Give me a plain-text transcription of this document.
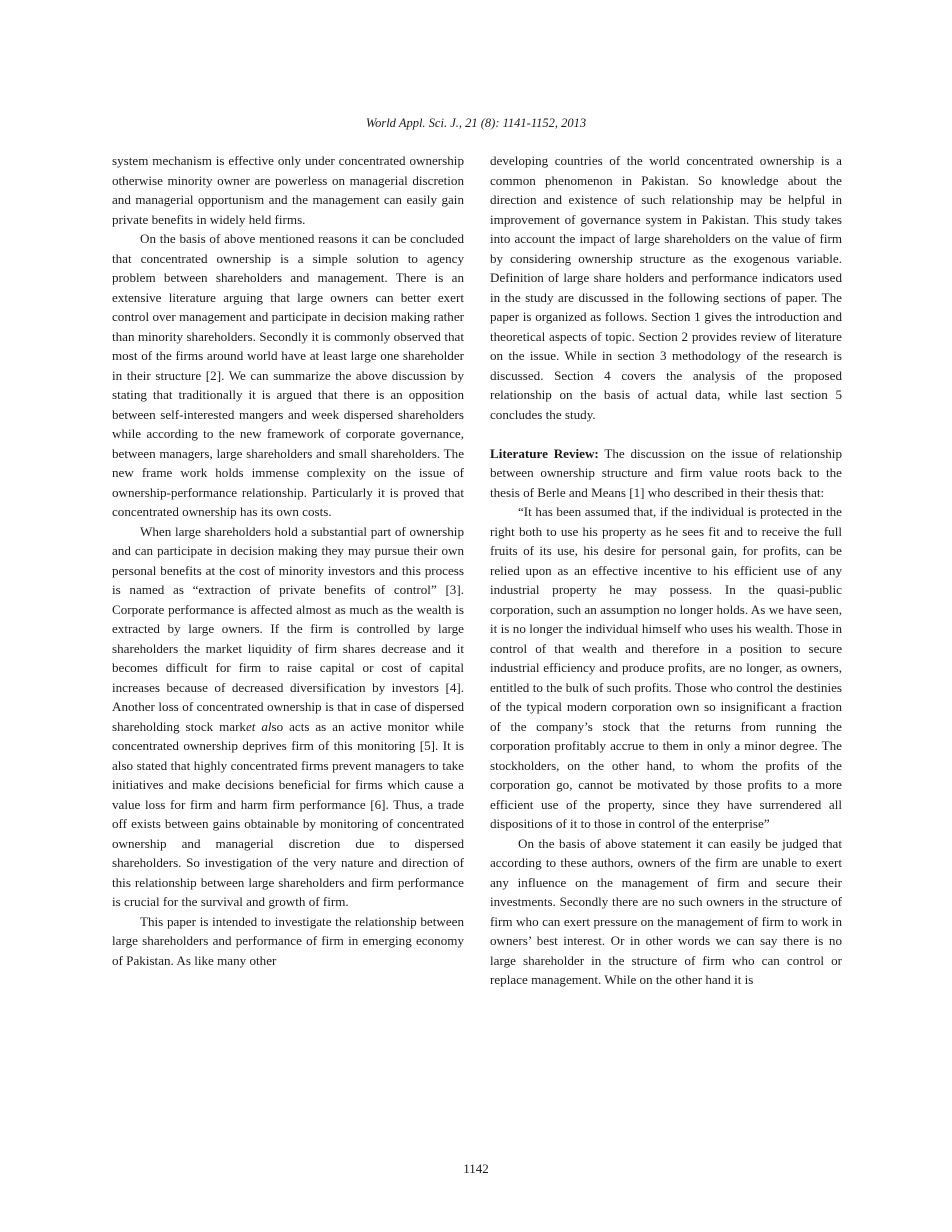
World Appl. Sci. J., 21 (8): 1141-1152, 2013

system mechanism is effective only under concentrated ownership otherwise minority owner are powerless on managerial discretion and managerial opportunism and the management can easily gain private benefits in widely held firms.

On the basis of above mentioned reasons it can be concluded that concentrated ownership is a simple solution to agency problem between shareholders and management. There is an extensive literature arguing that large owners can better exert control over management and participate in decision making rather than minority shareholders. Secondly it is commonly observed that most of the firms around world have at least large one shareholder in their structure [2]. We can summarize the above discussion by stating that traditionally it is argued that there is an opposition between self-interested mangers and week dispersed shareholders while according to the new framework of corporate governance, between managers, large shareholders and small shareholders. The new frame work holds immense complexity on the issue of ownership-performance relationship. Particularly it is proved that concentrated ownership has its own costs.

When large shareholders hold a substantial part of ownership and can participate in decision making they may pursue their own personal benefits at the cost of minority investors and this process is named as “extraction of private benefits of control” [3]. Corporate performance is affected almost as much as the wealth is extracted by large owners. If the firm is controlled by large shareholders the market liquidity of firm shares decrease and it becomes difficult for firm to raise capital or cost of capital increases because of decreased diversification by investors [4]. Another loss of concentrated ownership is that in case of dispersed shareholding stock market also acts as an active monitor while concentrated ownership deprives firm of this monitoring [5]. It is also stated that highly concentrated firms prevent managers to take initiatives and make decisions beneficial for firms which cause a value loss for firm and harm firm performance [6]. Thus, a trade off exists between gains obtainable by monitoring of concentrated ownership and managerial discretion due to dispersed shareholders. So investigation of the very nature and direction of this relationship between large shareholders and firm performance is crucial for the survival and growth of firm.

This paper is intended to investigate the relationship between large shareholders and performance of firm in emerging economy of Pakistan. As like many other

developing countries of the world concentrated ownership is a common phenomenon in Pakistan. So knowledge about the direction and existence of such relationship may be helpful in improvement of governance system in Pakistan. This study takes into account the impact of large shareholders on the value of firm by considering ownership structure as the exogenous variable. Definition of large share holders and performance indicators used in the study are discussed in the following sections of paper. The paper is organized as follows. Section 1 gives the introduction and theoretical aspects of topic. Section 2 provides review of literature on the issue. While in section 3 methodology of the research is discussed. Section 4 covers the analysis of the proposed relationship on the basis of actual data, while last section 5 concludes the study.

Literature Review: The discussion on the issue of relationship between ownership structure and firm value roots back to the thesis of Berle and Means [1] who described in their thesis that:

“It has been assumed that, if the individual is protected in the right both to use his property as he sees fit and to receive the full fruits of its use, his desire for personal gain, for profits, can be relied upon as an effective incentive to his efficient use of any industrial property he may possess. In the quasi-public corporation, such an assumption no longer holds. As we have seen, it is no longer the individual himself who uses his wealth. Those in control of that wealth and therefore in a position to secure industrial efficiency and produce profits, are no longer, as owners, entitled to the bulk of such profits. Those who control the destinies of the typical modern corporation own so insignificant a fraction of the company’s stock that the returns from running the corporation profitably accrue to them in only a minor degree. The stockholders, on the other hand, to whom the profits of the corporation go, cannot be motivated by those profits to a more efficient use of the property, since they have surrendered all dispositions of it to those in control of the enterprise”

On the basis of above statement it can easily be judged that according to these authors, owners of the firm are unable to exert any influence on the management of firm and secure their investments. Secondly there are no such owners in the structure of firm who can exert pressure on the management of firm to work in owners’ best interest. Or in other words we can say there is no large shareholder in the structure of firm who can control or replace management. While on the other hand it is

1142
